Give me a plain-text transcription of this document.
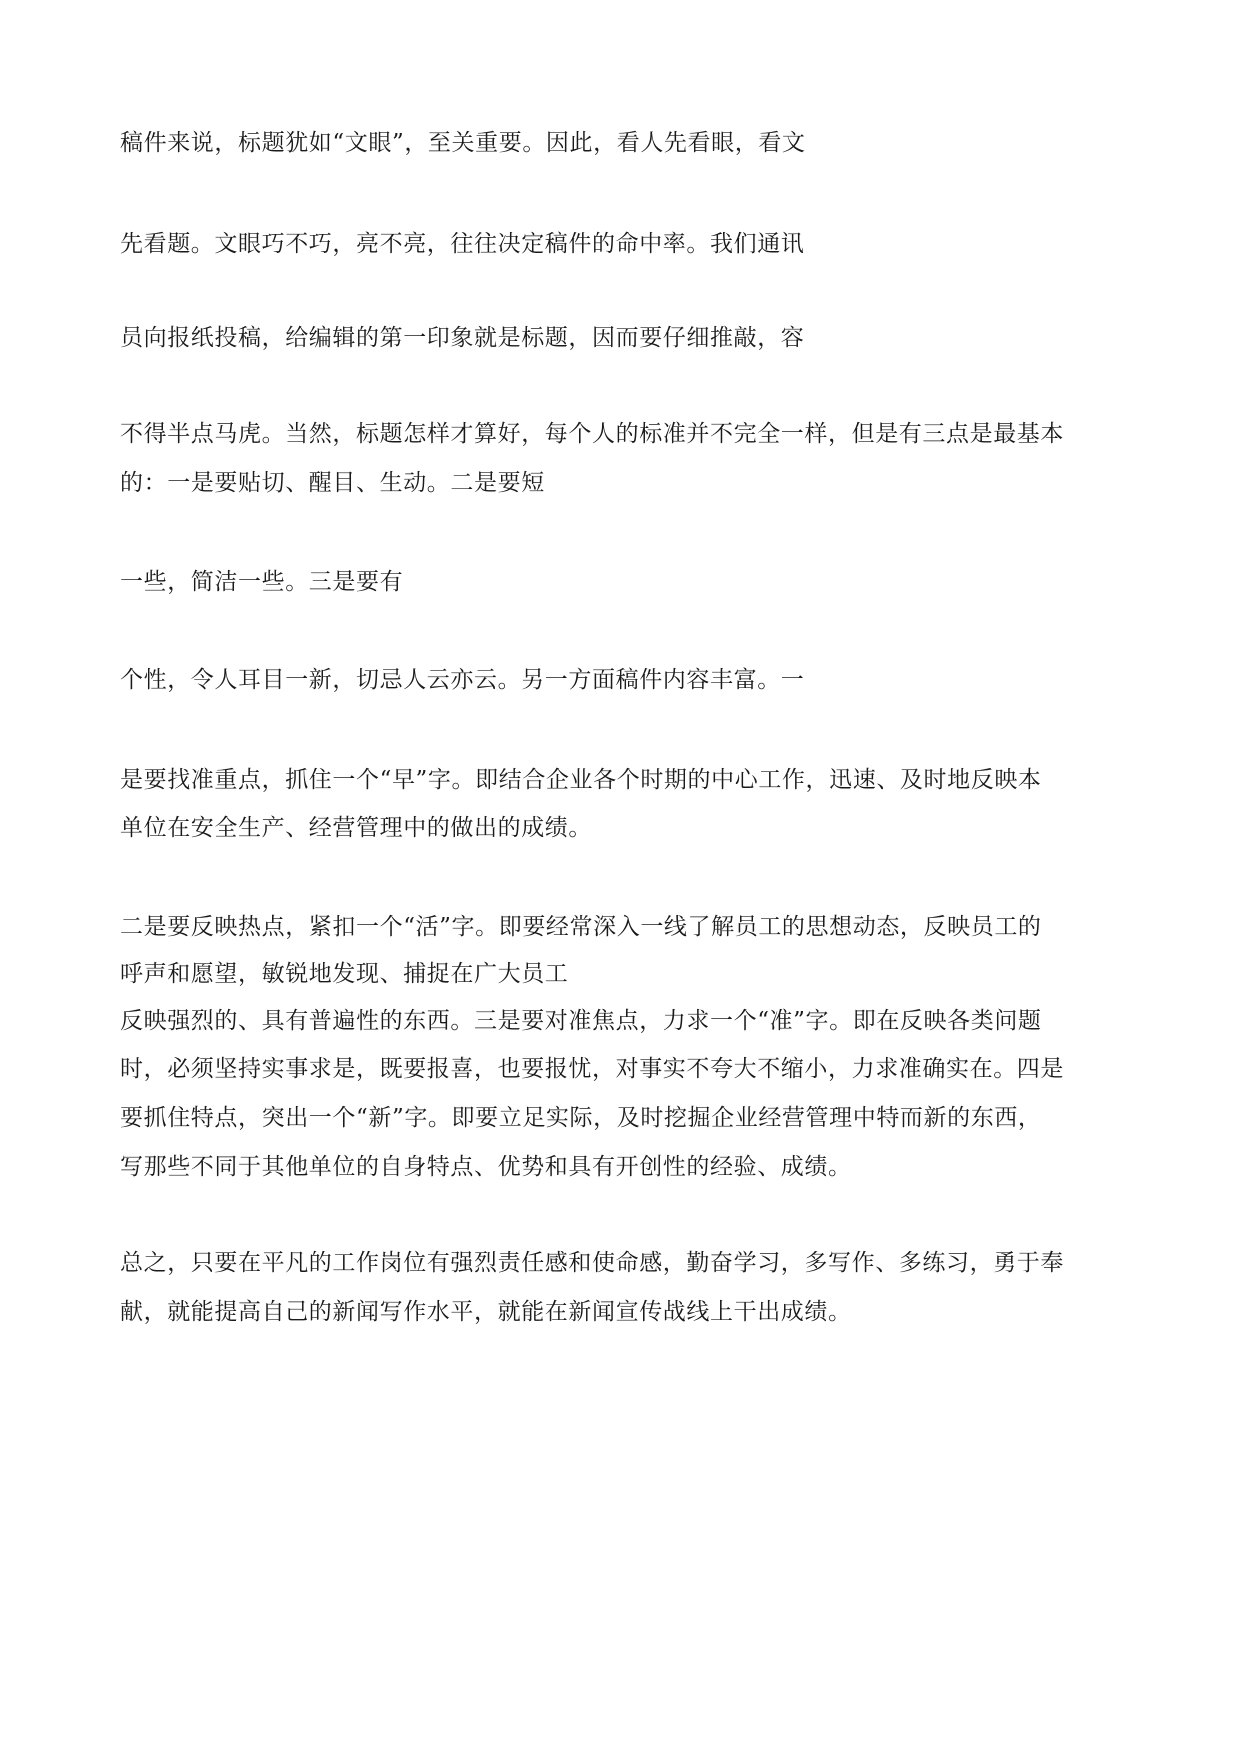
稿件来说，标题犹如“文眼”，至关重要。因此，看人先看眼，看文

先看题。文眼巧不巧，亮不亮，往往决定稿件的命中率。我们通讯

员向报纸投稿，给编辑的第一印象就是标题，因而要仔细推敲，容

不得半点马虎。当然，标题怎样才算好，每个人的标准并不完全一样，但是有三点是最基本

的：一是要贴切、醒目、生动。二是要短

一些，简洁一些。三是要有

个性，令人耳目一新，切忌人云亦云。另一方面稿件内容丰富。一

是要找准重点，抓住一个“早”字。即结合企业各个时期的中心工作，迅速、及时地反映本

单位在安全生产、经营管理中的做出的成绩。

二是要反映热点，紧扣一个“活”字。即要经常深入一线了解员工的思想动态，反映员工的

呼声和愿望，敏锐地发现、捕捉在广大员工

反映强烈的、具有普遍性的东西。三是要对准焦点，力求一个“准”字。即在反映各类问题

时，必须坚持实事求是，既要报喜，也要报忧，对事实不夸大不缩小，力求准确实在。四是

要抓住特点，突出一个“新”字。即要立足实际，及时挖掘企业经营管理中特而新的东西，

写那些不同于其他单位的自身特点、优势和具有开创性的经验、成绩。

总之，只要在平凡的工作岗位有强烈责任感和使命感，勤奋学习，多写作、多练习，勇于奉

献，就能提高自己的新闻写作水平，就能在新闻宣传战线上干出成绩。
